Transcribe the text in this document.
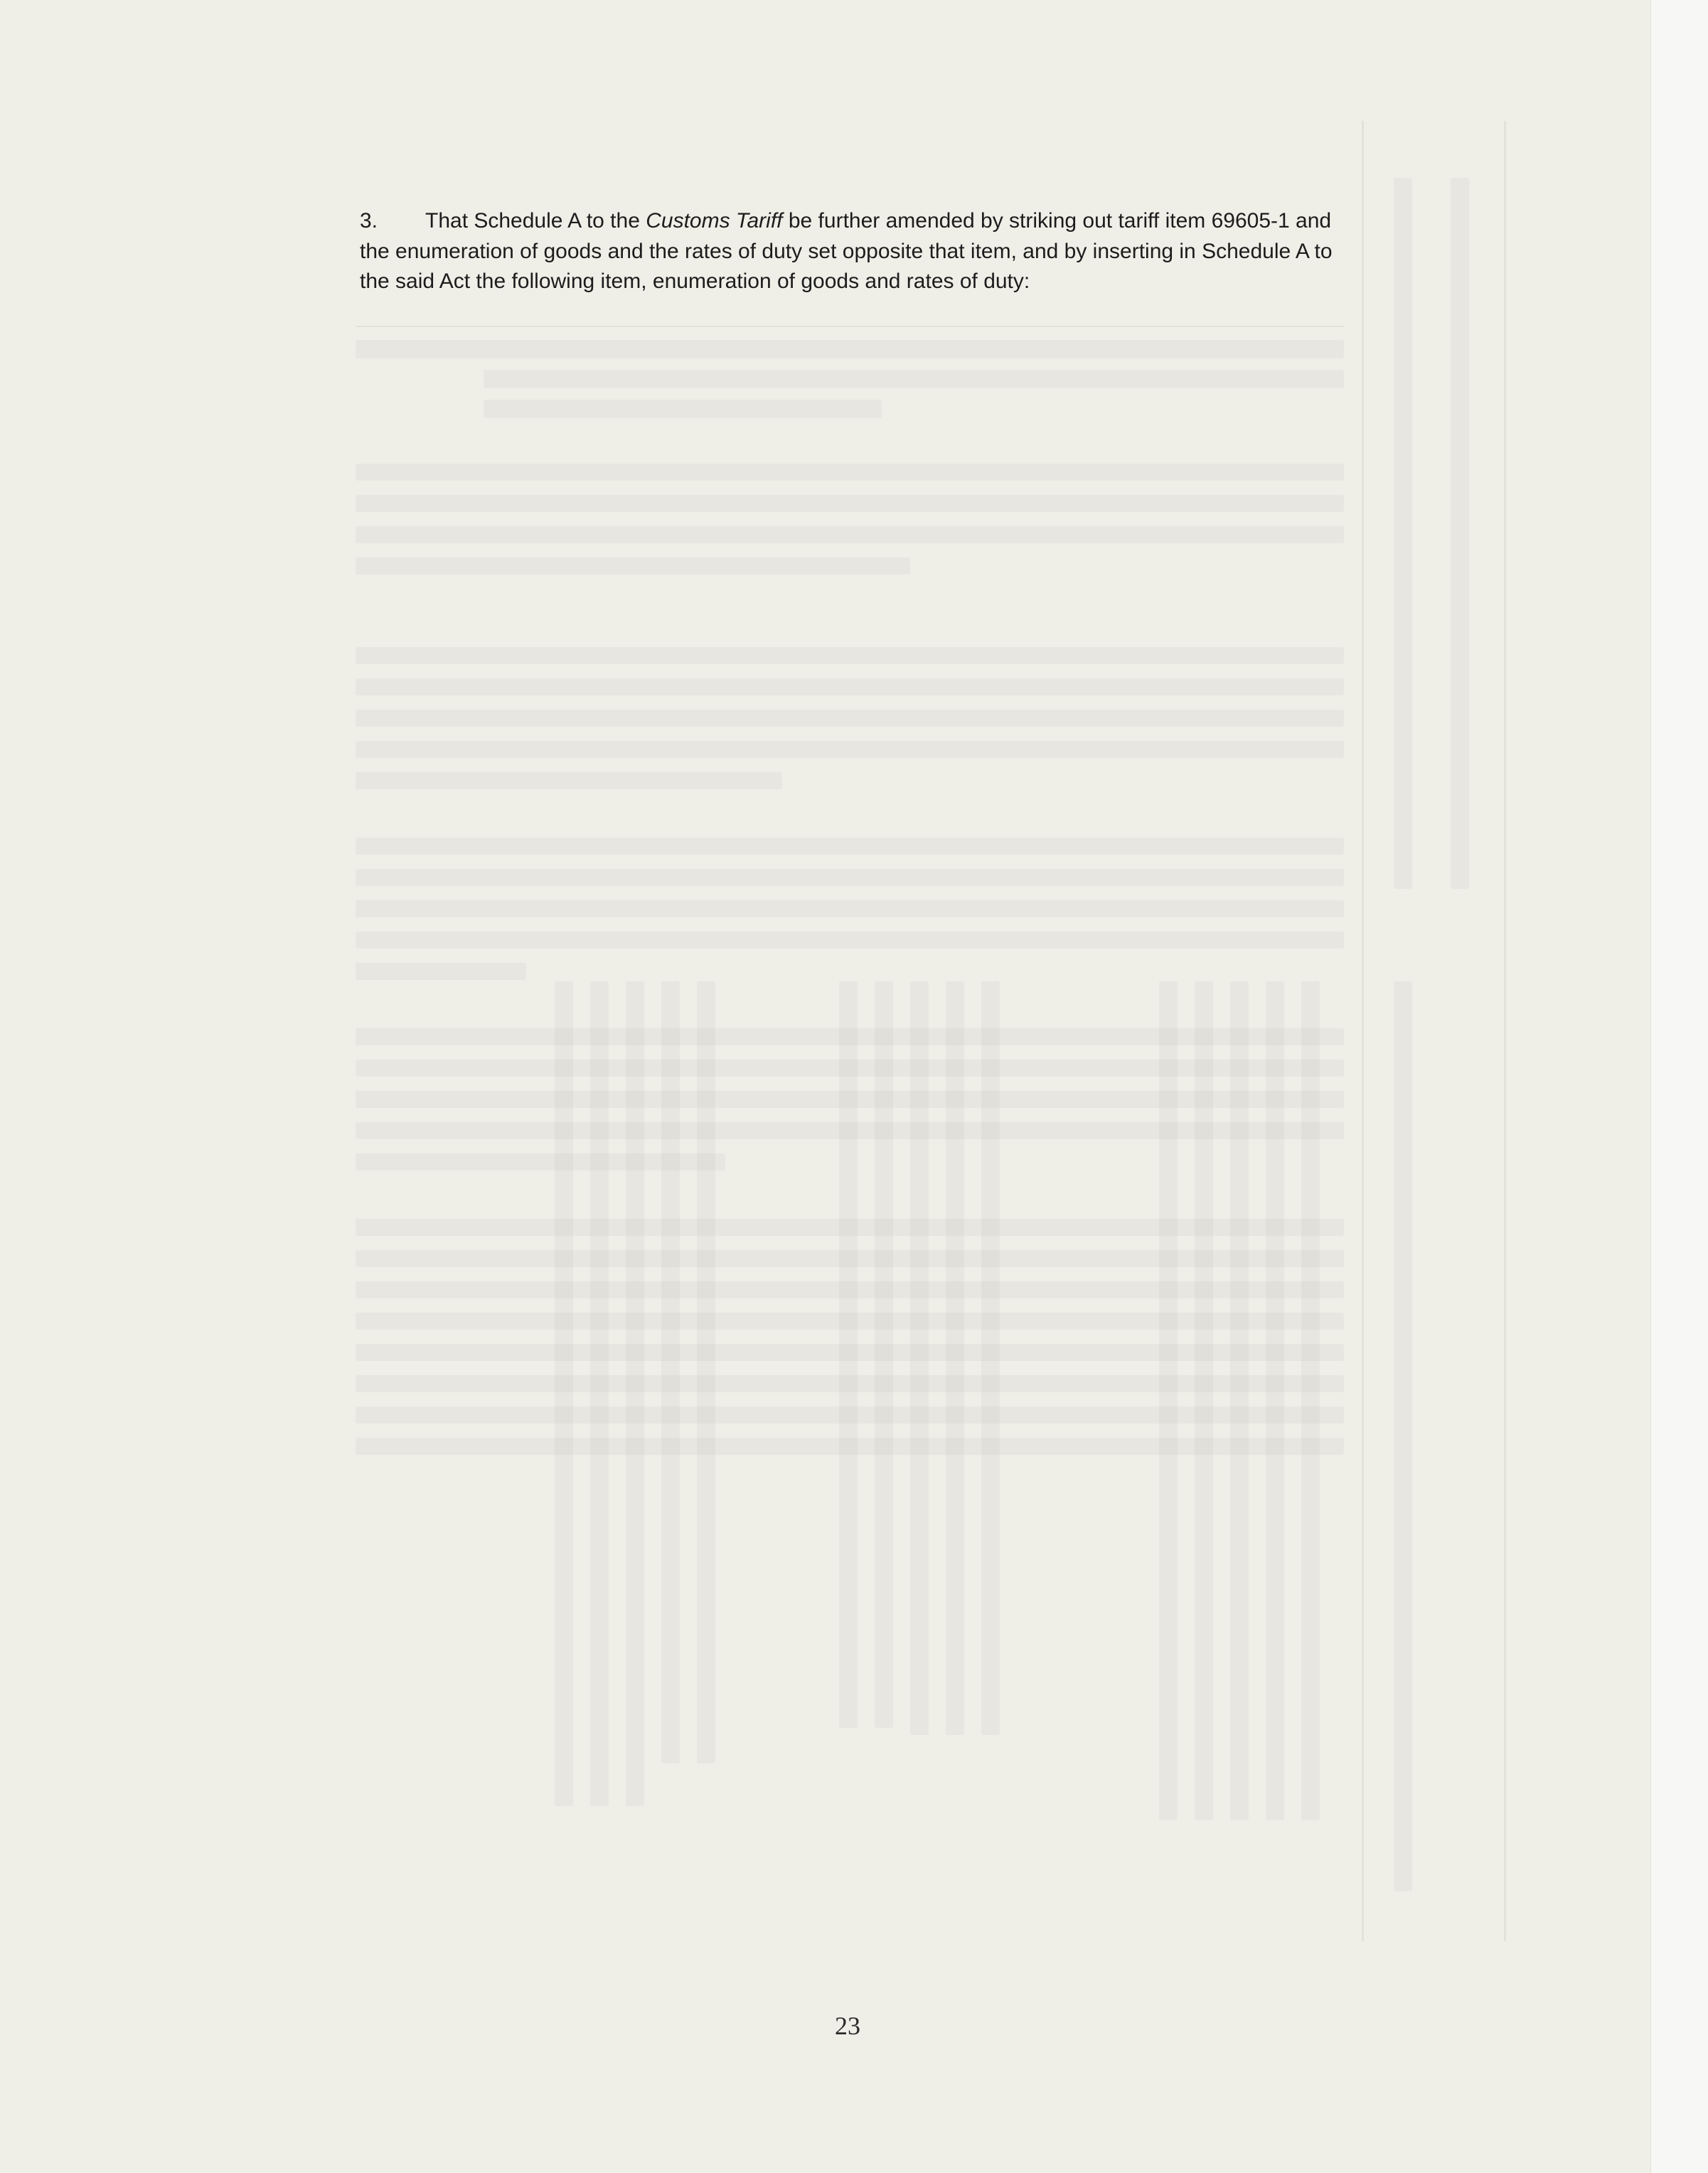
3. That Schedule A to the Customs Tariff be further amended by striking out tariff item 69605-1 and the enumeration of goods and the rates of duty set opposite that item, and by inserting in Schedule A to the said Act the following item, enumeration of goods and rates of duty:

23
